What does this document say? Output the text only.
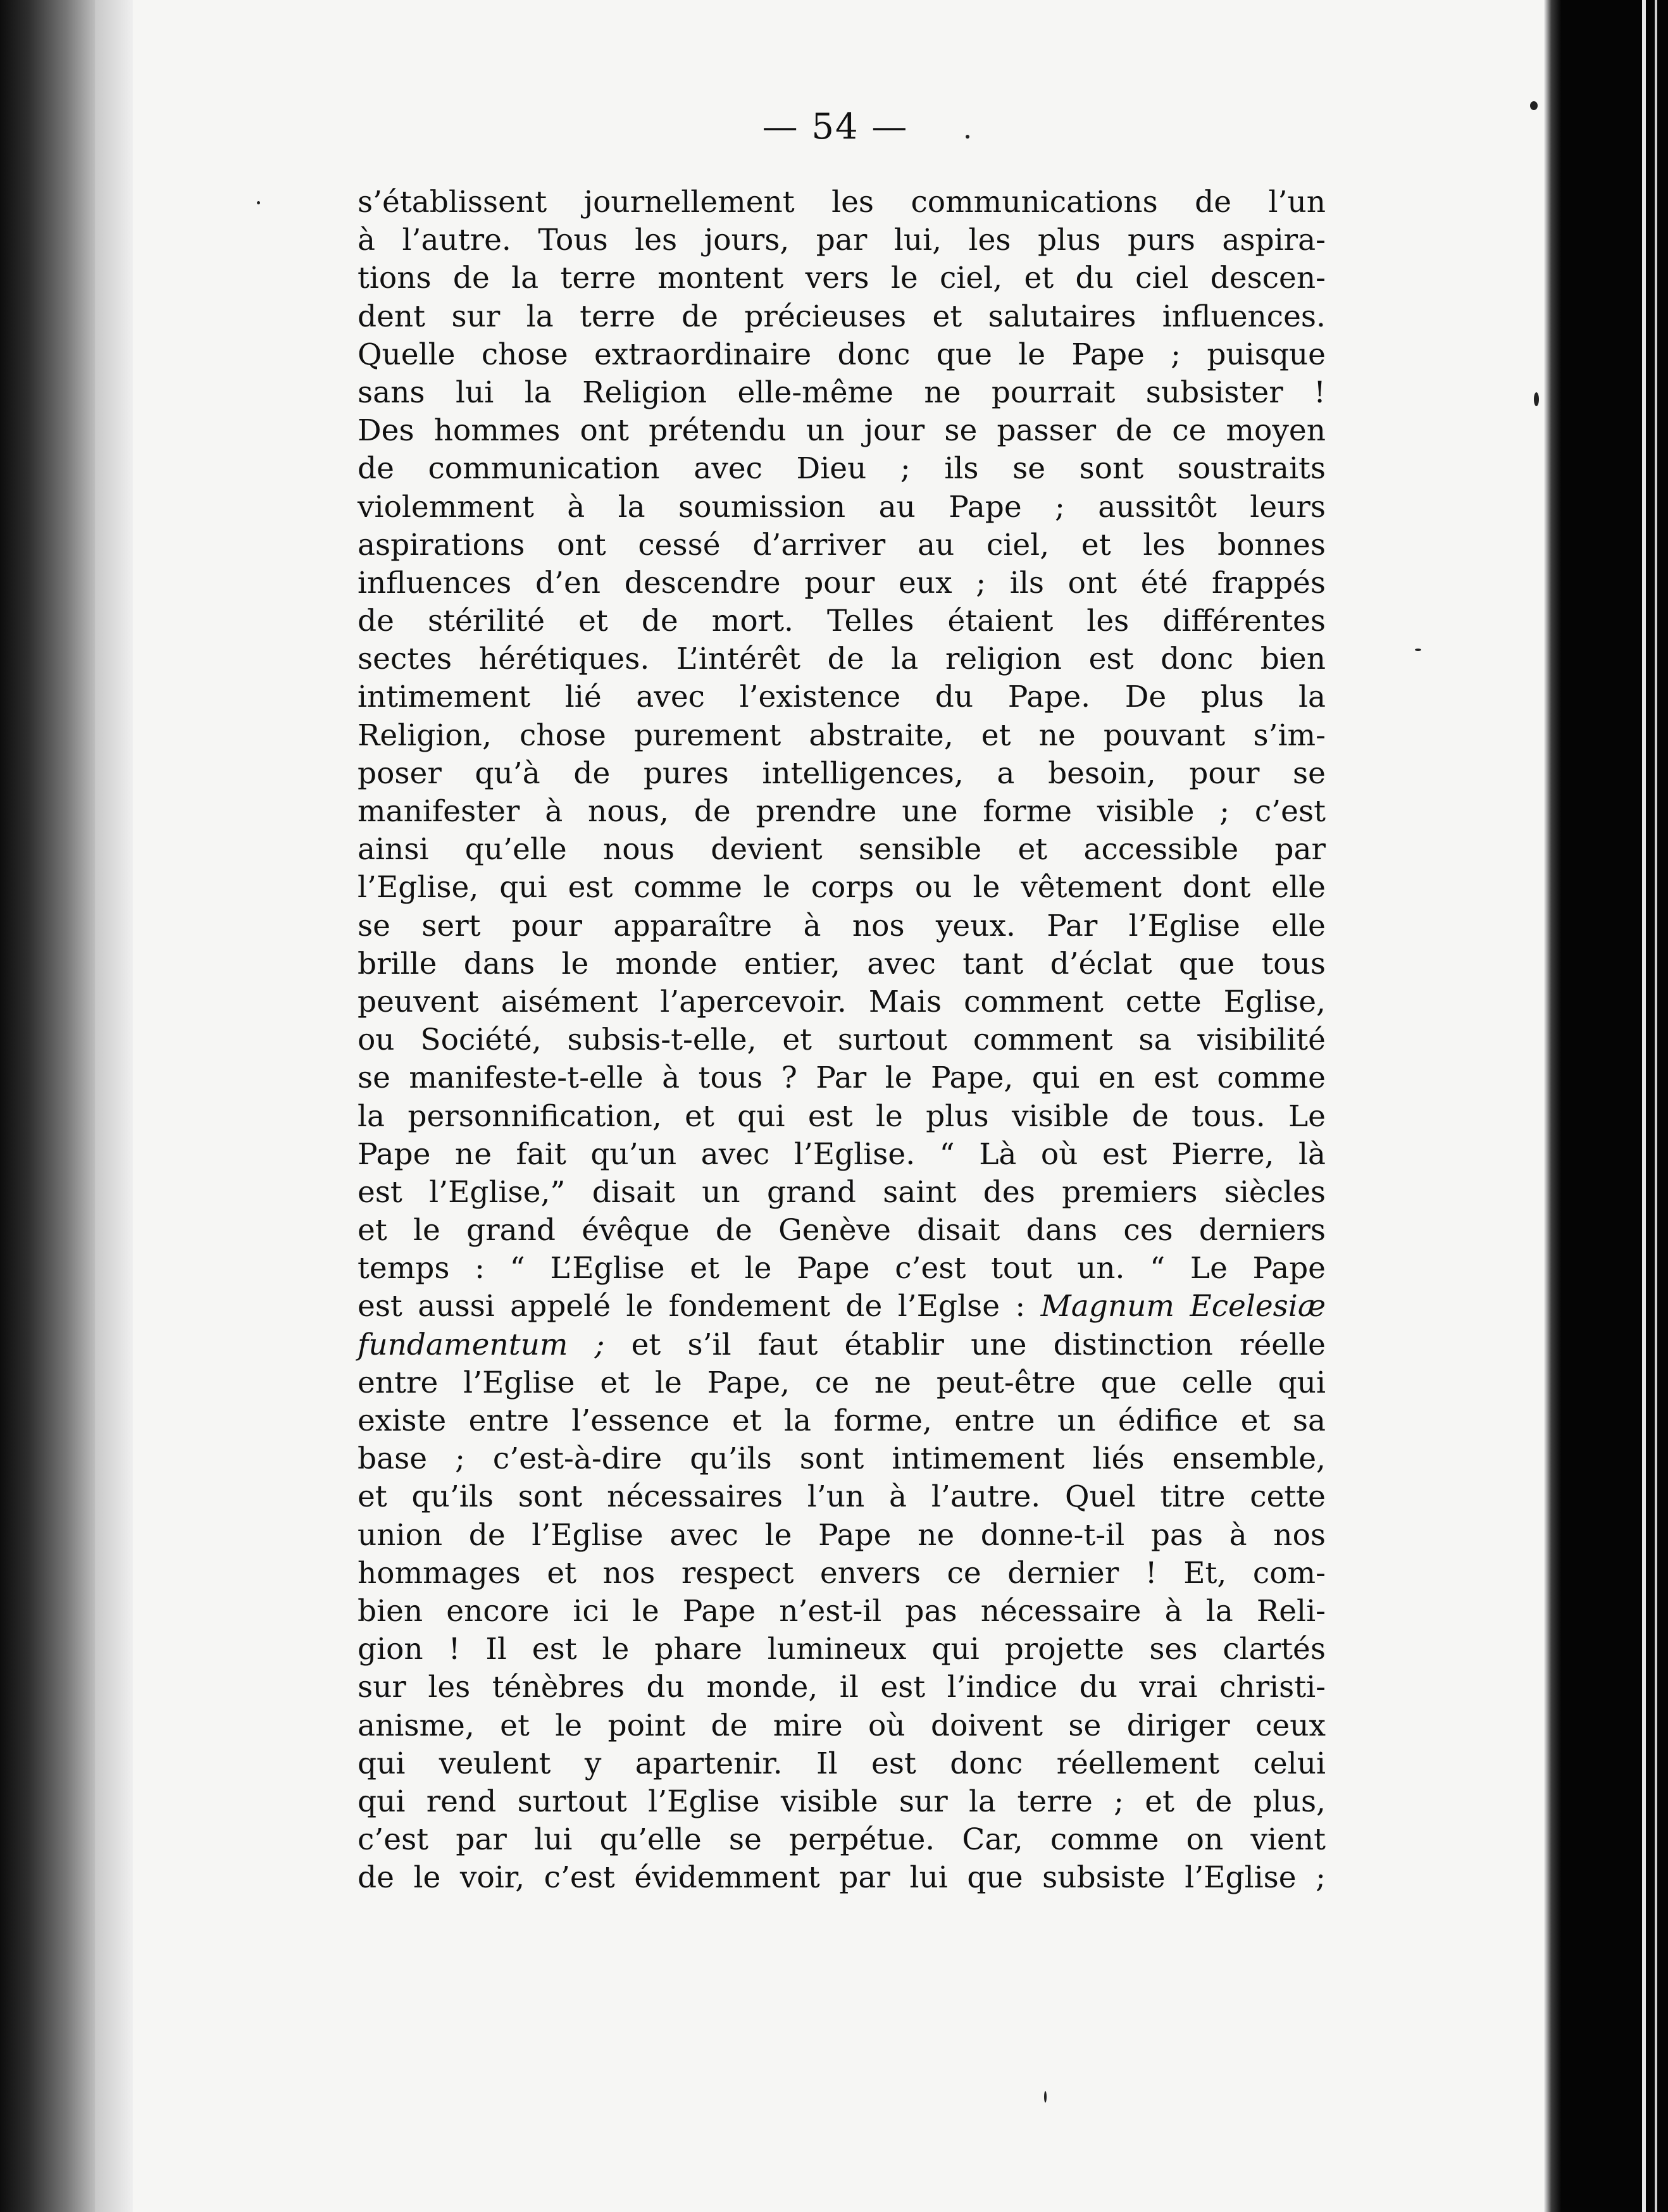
— 54 —
s’établissent journellement les communications de l’un
à l’autre. Tous les jours, par lui, les plus purs aspira-
tions de la terre montent vers le ciel, et du ciel descen-
dent sur la terre de précieuses et salutaires influences.
Quelle chose extraordinaire donc que le Pape ; puisque
sans lui la Religion elle-même ne pourrait subsister !
Des hommes ont prétendu un jour se passer de ce moyen
de communication avec Dieu ; ils se sont soustraits
violemment à la soumission au Pape ; aussitôt leurs
aspirations ont cessé d’arriver au ciel, et les bonnes
influences d’en descendre pour eux ; ils ont été frappés
de stérilité et de mort. Telles étaient les différentes
sectes hérétiques. L’intérêt de la religion est donc bien
intimement lié avec l’existence du Pape. De plus la
Religion, chose purement abstraite, et ne pouvant s’im-
poser qu’à de pures intelligences, a besoin, pour se
manifester à nous, de prendre une forme visible ; c’est
ainsi qu’elle nous devient sensible et accessible par
l’Eglise, qui est comme le corps ou le vêtement dont elle
se sert pour apparaître à nos yeux. Par l’Eglise elle
brille dans le monde entier, avec tant d’éclat que tous
peuvent aisément l’apercevoir. Mais comment cette Eglise,
ou Société, subsis-t-elle, et surtout comment sa visibilité
se manifeste-t-elle à tous ? Par le Pape, qui en est comme
la personnification, et qui est le plus visible de tous. Le
Pape ne fait qu’un avec l’Eglise. “ Là où est Pierre, là
est l’Eglise,” disait un grand saint des premiers siècles
et le grand évêque de Genève disait dans ces derniers
temps : “ L’Eglise et le Pape c’est tout un. “ Le Pape
est aussi appelé le fondement de l’Eglse : Magnum Ecelesiæ
fundamentum ; et s’il faut établir une distinction réelle
entre l’Eglise et le Pape, ce ne peut-être que celle qui
existe entre l’essence et la forme, entre un édifice et sa
base ; c’est-à-dire qu’ils sont intimement liés ensemble,
et qu’ils sont nécessaires l’un à l’autre. Quel titre cette
union de l’Eglise avec le Pape ne donne-t-il pas à nos
hommages et nos respect envers ce dernier ! Et, com-
bien encore ici le Pape n’est-il pas nécessaire à la Reli-
gion ! Il est le phare lumineux qui projette ses clartés
sur les ténèbres du monde, il est l’indice du vrai christi-
anisme, et le point de mire où doivent se diriger ceux
qui veulent y apartenir. Il est donc réellement celui
qui rend surtout l’Eglise visible sur la terre ; et de plus,
c’est par lui qu’elle se perpétue. Car, comme on vient
de le voir, c’est évidemment par lui que subsiste l’Eglise ;
